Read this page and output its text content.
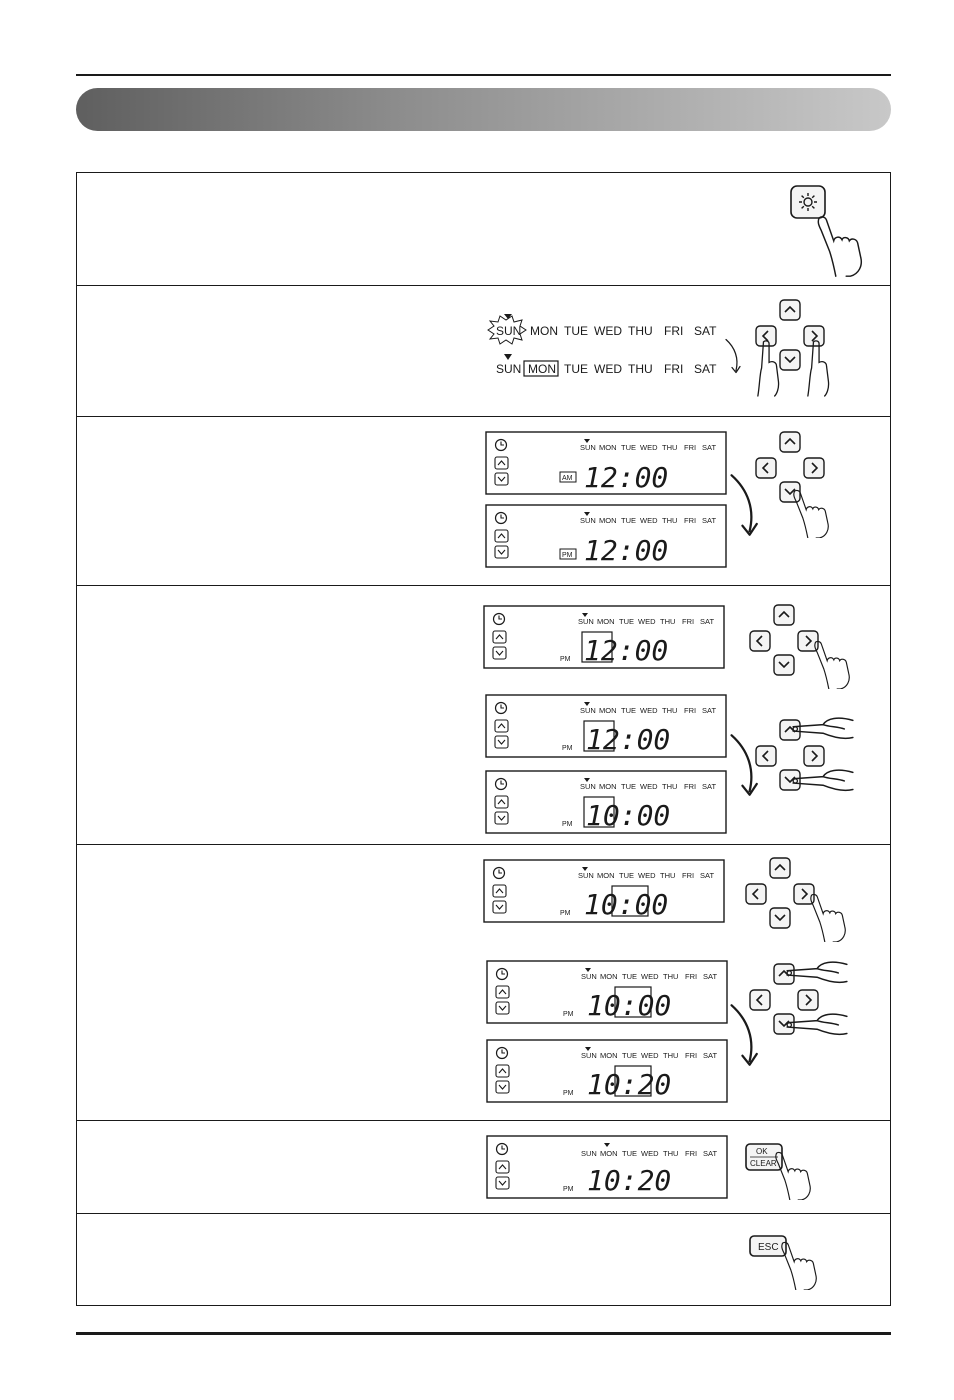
SUN MON TUE WED THU FRI SAT
SUN MON TUE WED THU FRI SAT
SUN MON TUE WED THU FRI SAT
AM 12:00
SUN MON TUE WED THU FRI SAT
PM 12:00
SUN MON TUE WED THU FRI SAT
PM 12:00
SUN MON TUE WED THU FRI SAT
PM 12:00
SUN MON TUE WED THU FRI SAT
PM 10:00
SUN MON TUE WED THU FRI SAT
PM 10:00
SUN MON TUE WED THU FRI SAT
PM 10:00
SUN MON TUE WED THU FRI SAT
PM 10:20
SUN MON TUE WED THU FRI SAT
PM 10:20
OK
CLEAR
ESC
